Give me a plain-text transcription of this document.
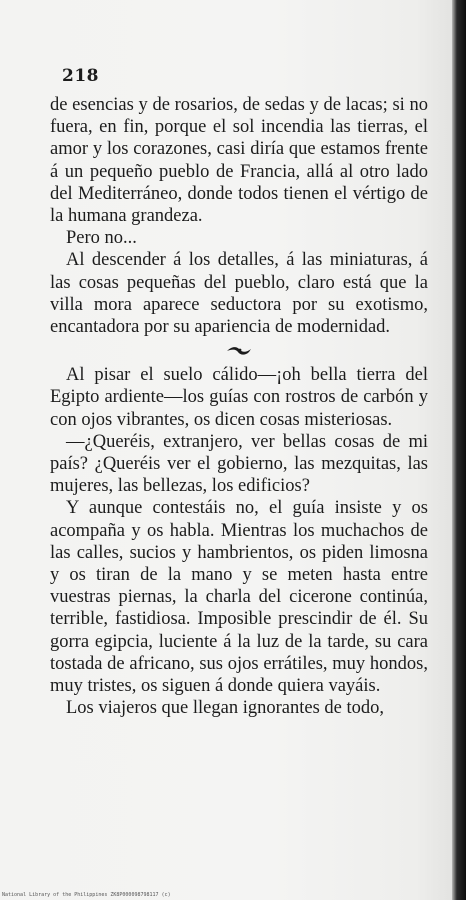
218

de esencias y de rosarios, de sedas y de lacas; si no fuera, en fin, porque el sol incendia las tierras, el amor y los corazones, casi diría que estamos frente á un pequeño pueblo de Francia, allá al otro lado del Mediterráneo, donde todos tienen el vértigo de la humana grandeza.

Pero no...

Al descender á los detalles, á las miniaturas, á las cosas pequeñas del pueblo, claro está que la villa mora aparece seductora por su exotismo, encantadora por su apariencia de modernidad.

Al pisar el suelo cálido—¡oh bella tierra del Egipto ardiente—los guías con rostros de carbón y con ojos vibrantes, os dicen cosas misteriosas.

—¿Queréis, extranjero, ver bellas cosas de mi país? ¿Queréis ver el gobierno, las mezquitas, las mujeres, las bellezas, los edificios?

Y aunque contestáis no, el guía insiste y os acompaña y os habla. Mientras los muchachos de las calles, sucios y hambrientos, os piden limosna y os tiran de la mano y se meten hasta entre vuestras piernas, la charla del cicerone continúa, terrible, fastidiosa. Imposible prescindir de él. Su gorra egipcia, luciente á la luz de la tarde, su cara tostada de africano, sus ojos errátiles, muy hondos, muy tristes, os siguen á donde quiera vayáis.

Los viajeros que llegan ignorantes de todo,

National Library of the Philippines ZK8P000098798117 (c)
